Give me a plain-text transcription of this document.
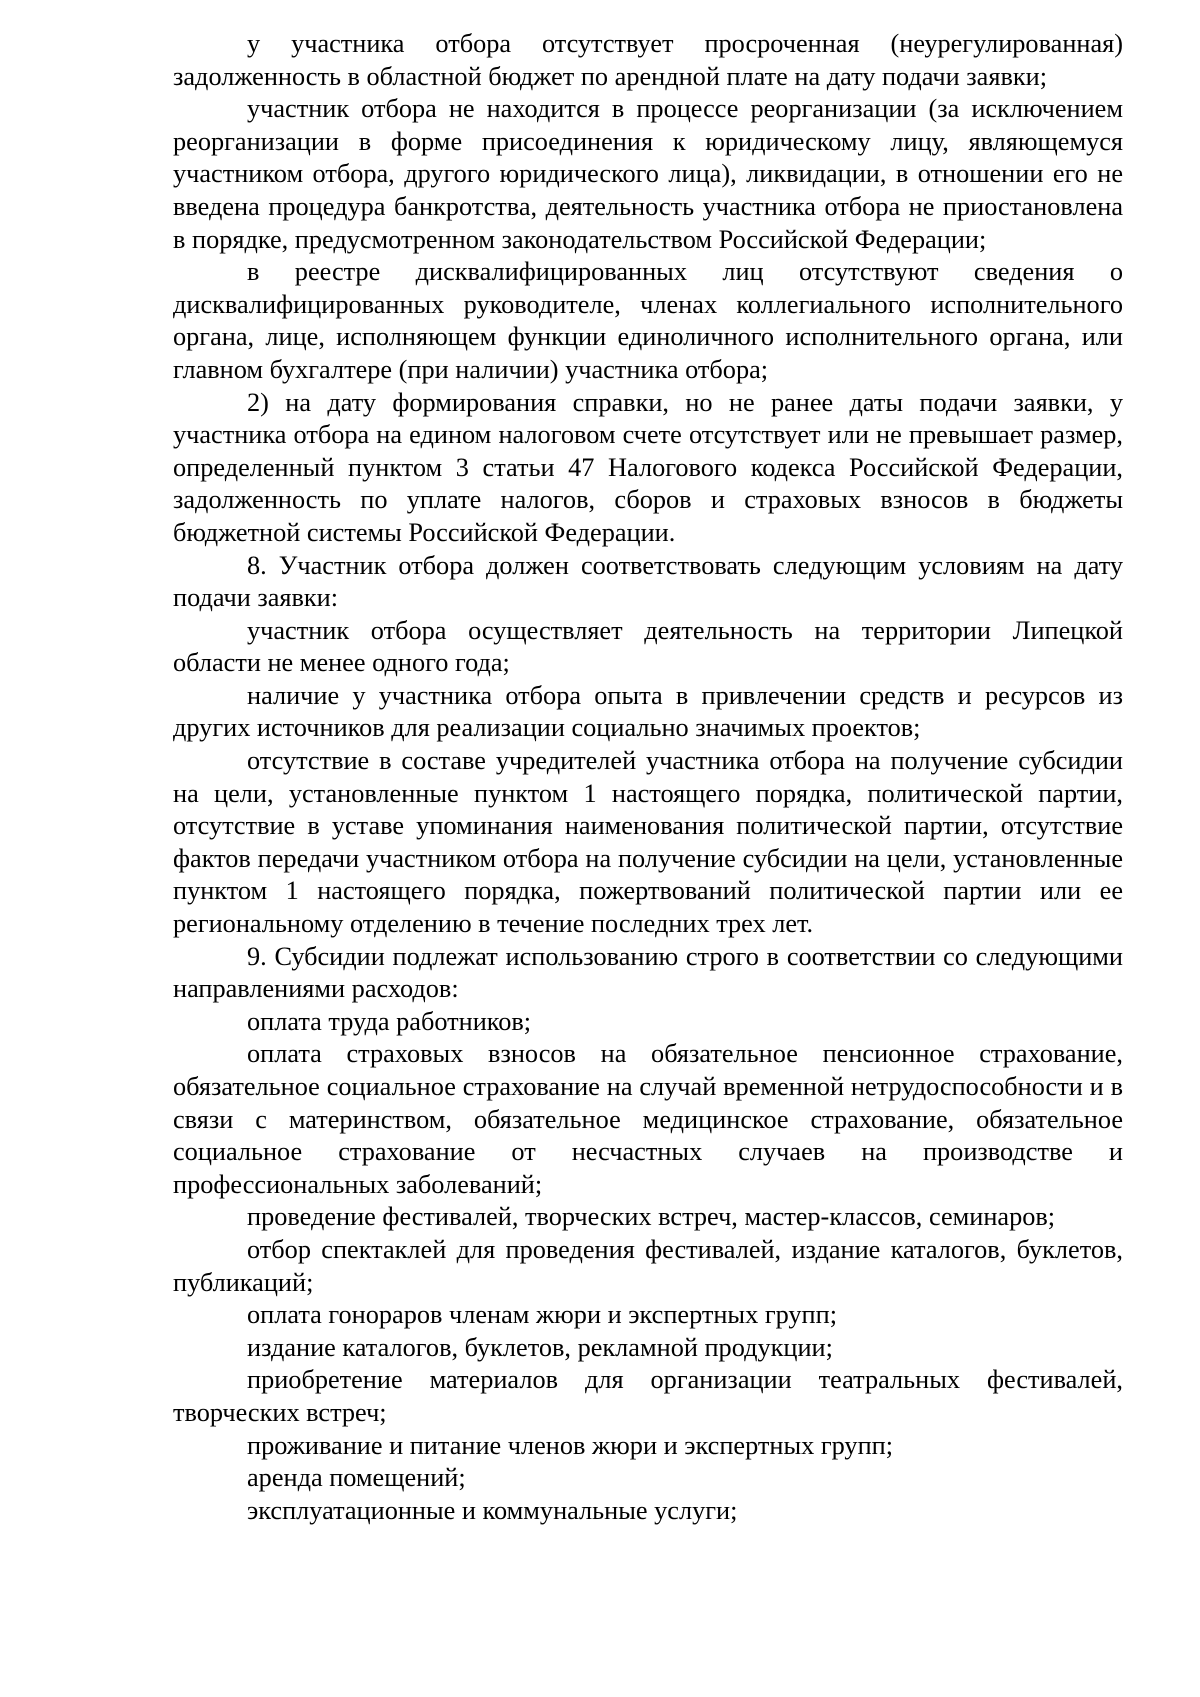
у участника отбора отсутствует просроченная (неурегулированная) задолженность в областной бюджет по арендной плате на дату подачи заявки;

участник отбора не находится в процессе реорганизации (за исключением реорганизации в форме присоединения к юридическому лицу, являющемуся участником отбора, другого юридического лица), ликвидации, в отношении его не введена процедура банкротства, деятельность участника отбора не приостановлена в порядке, предусмотренном законодательством Российской Федерации;

в реестре дисквалифицированных лиц отсутствуют сведения о дисквалифицированных руководителе, членах коллегиального исполнительного органа, лице, исполняющем функции единоличного исполнительного органа, или главном бухгалтере (при наличии) участника отбора;

2) на дату формирования справки, но не ранее даты подачи заявки, у участника отбора на едином налоговом счете отсутствует или не превышает размер, определенный пунктом 3 статьи 47 Налогового кодекса Российской Федерации, задолженность по уплате налогов, сборов и страховых взносов в бюджеты бюджетной системы Российской Федерации.

8. Участник отбора должен соответствовать следующим условиям на дату подачи заявки:

участник отбора осуществляет деятельность на территории Липецкой области не менее одного года;

наличие у участника отбора опыта в привлечении средств и ресурсов из других источников для реализации социально значимых проектов;

отсутствие в составе учредителей участника отбора на получение субсидии на цели, установленные пунктом 1 настоящего порядка, политической партии, отсутствие в уставе упоминания наименования политической партии, отсутствие фактов передачи участником отбора на получение субсидии на цели, установленные пунктом 1 настоящего порядка, пожертвований политической партии или ее региональному отделению в течение последних трех лет.

9. Субсидии подлежат использованию строго в соответствии со следующими направлениями расходов:

оплата труда работников;

оплата страховых взносов на обязательное пенсионное страхование, обязательное социальное страхование на случай временной нетрудоспособности и в связи с материнством, обязательное медицинское страхование, обязательное социальное страхование от несчастных случаев на производстве и профессиональных заболеваний;

проведение фестивалей, творческих встреч, мастер-классов, семинаров;

отбор спектаклей для проведения фестивалей, издание каталогов, буклетов, публикаций;

оплата гонораров членам жюри и экспертных групп;

издание каталогов, буклетов, рекламной продукции;

приобретение материалов для организации театральных фестивалей, творческих встреч;

проживание и питание членов жюри и экспертных групп;

аренда помещений;

эксплуатационные и коммунальные услуги;
